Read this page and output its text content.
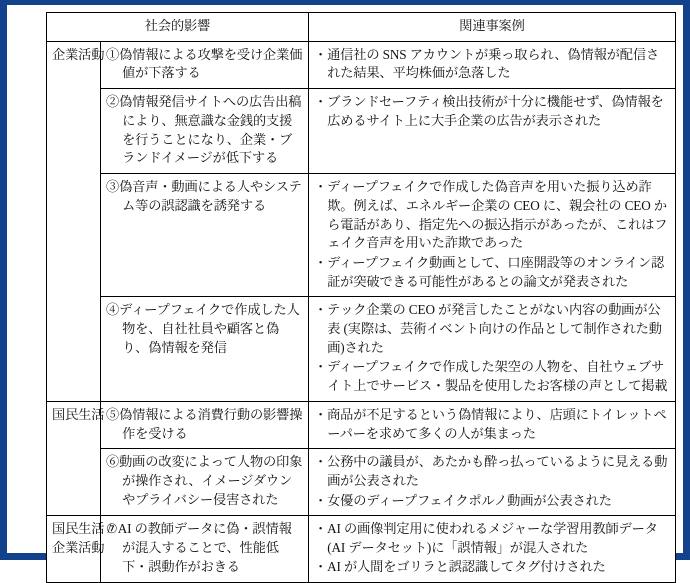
社会的影響		関連事案例
企業活動	①偽情報による攻撃を受け企業価値が下落する	・通信社の SNS アカウントが乗っ取られ、偽情報が配信された結果、平均株価が急落した

	②偽情報発信サイトへの広告出稿により、無意識な金銭的支援を行うことになり、企業・ブランドイメージが低下する	・ブランドセーフティ検出技術が十分に機能せず、偽情報を広めるサイト上に大手企業の広告が表示された

	③偽音声・動画による人やシステム等の誤認識を誘発する	・ディープフェイクで作成した偽音声を用いた振り込め詐欺。例えば、エネルギー企業の CEO に、親会社の CEO から電話があり、指定先への振込指示があったが、これはフェイク音声を用いた詐欺であった
・ディープフェイク動画として、口座開設等のオンライン認証が突破できる可能性があるとの論文が発表された

	④ディープフェイクで作成した人物を、自社社員や顧客と偽り、偽情報を発信	・テック企業の CEO が発言したことがない内容の動画が公表 (実際は、芸術イベント向けの作品として制作された動画)された
・ディープフェイクで作成した架空の人物を、自社ウェブサイト上でサービス・製品を使用したお客様の声として掲載

国民生活	⑤偽情報による消費行動の影響操作を受ける	・商品が不足するという偽情報により、店頭にトイレットペーパーを求めて多くの人が集まった

	⑥動画の改変によって人物の印象が操作され、イメージダウンやプライバシー侵害された	・公務中の議員が、あたかも酔っ払っているように見える動画が公表された
・女優のディープフェイクポルノ動画が公表された

国民生活 /
企業活動	⑦AI の教師データに偽・誤情報が混入することで、性能低下・誤動作がおきる	・AI の画像判定用に使われるメジャーな学習用教師データ (AI データセット)に「誤情報」が混入された
・AI が人間をゴリラと誤認識してタグ付けされた
